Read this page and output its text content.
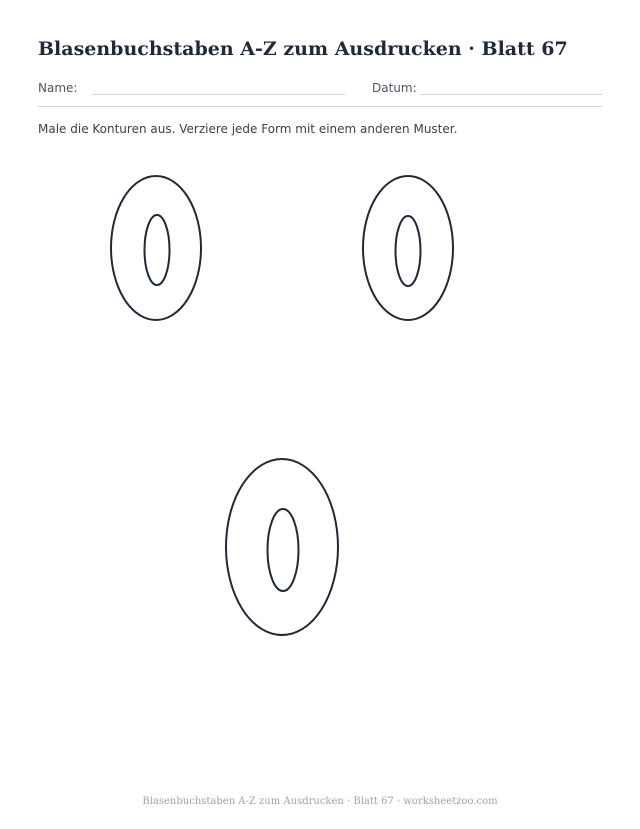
Blasenbuchstaben A-Z zum Ausdrucken · Blatt 67
Name:	Datum:
Male die Konturen aus. Verziere jede Form mit einem anderen Muster.
Blasenbuchstaben A-Z zum Ausdrucken · Blatt 67 · worksheetzoo.com
